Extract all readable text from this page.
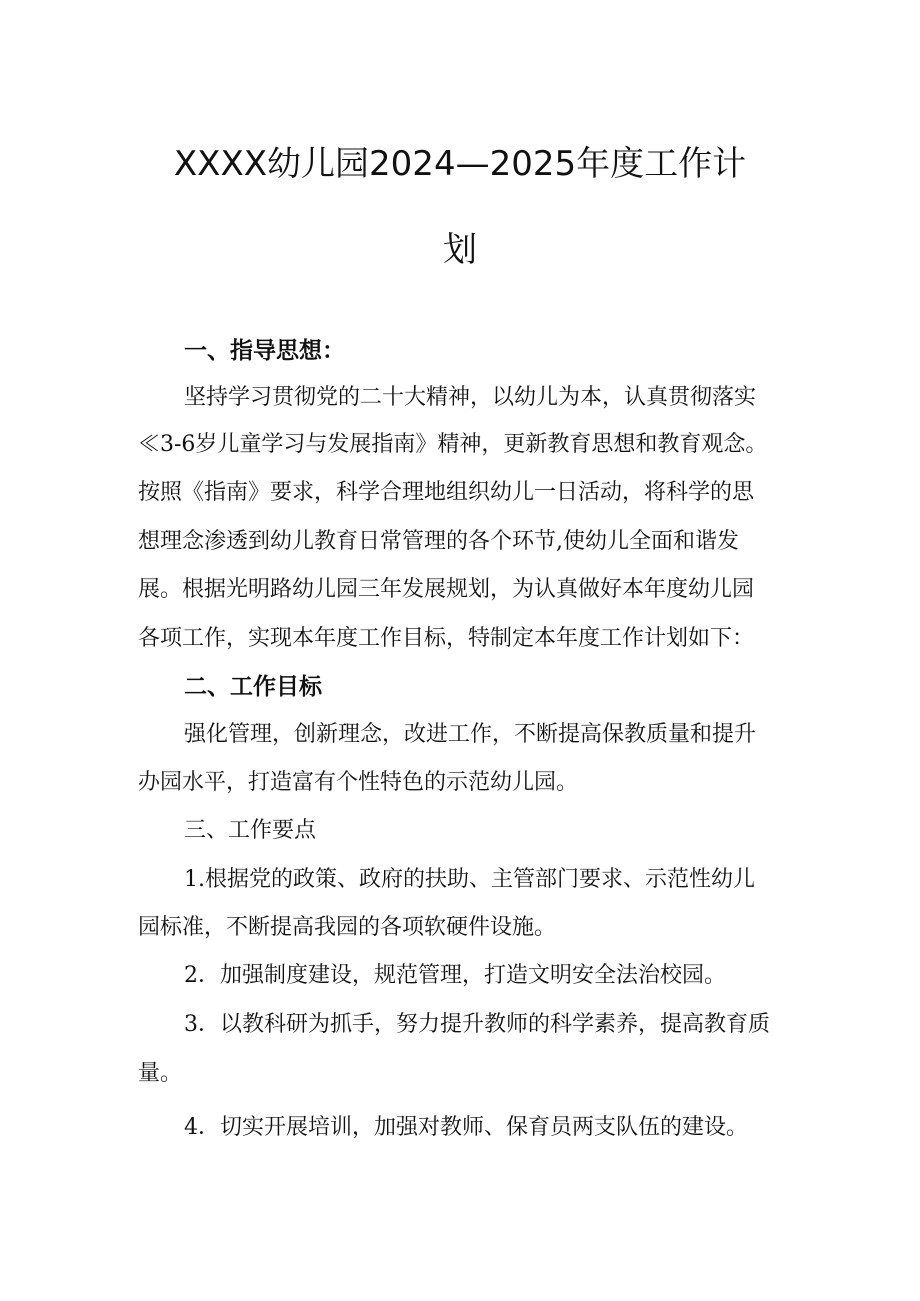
XXXX幼儿园2024—2025年度工作计
划

一、指导思想：

坚持学习贯彻党的二十大精神，以幼儿为本，认真贯彻落实

≪3-6岁儿童学习与发展指南》精神，更新教育思想和教育观念。

按照《指南》要求，科学合理地组织幼儿一日活动，将科学的思

想理念渗透到幼儿教育日常管理的各个环节,使幼儿全面和谐发

展。根据光明路幼儿园三年发展规划，为认真做好本年度幼儿园

各项工作，实现本年度工作目标，特制定本年度工作计划如下：

二、工作目标

强化管理，创新理念，改进工作，不断提高保教质量和提升

办园水平，打造富有个性特色的示范幼儿园。

三、工作要点

1.根据党的政策、政府的扶助、主管部门要求、示范性幼儿

园标准，不断提高我园的各项软硬件设施。

2．加强制度建设，规范管理，打造文明安全法治校园。

3．以教科研为抓手，努力提升教师的科学素养，提高教育质

量。

4．切实开展培训，加强对教师、保育员两支队伍的建设。
